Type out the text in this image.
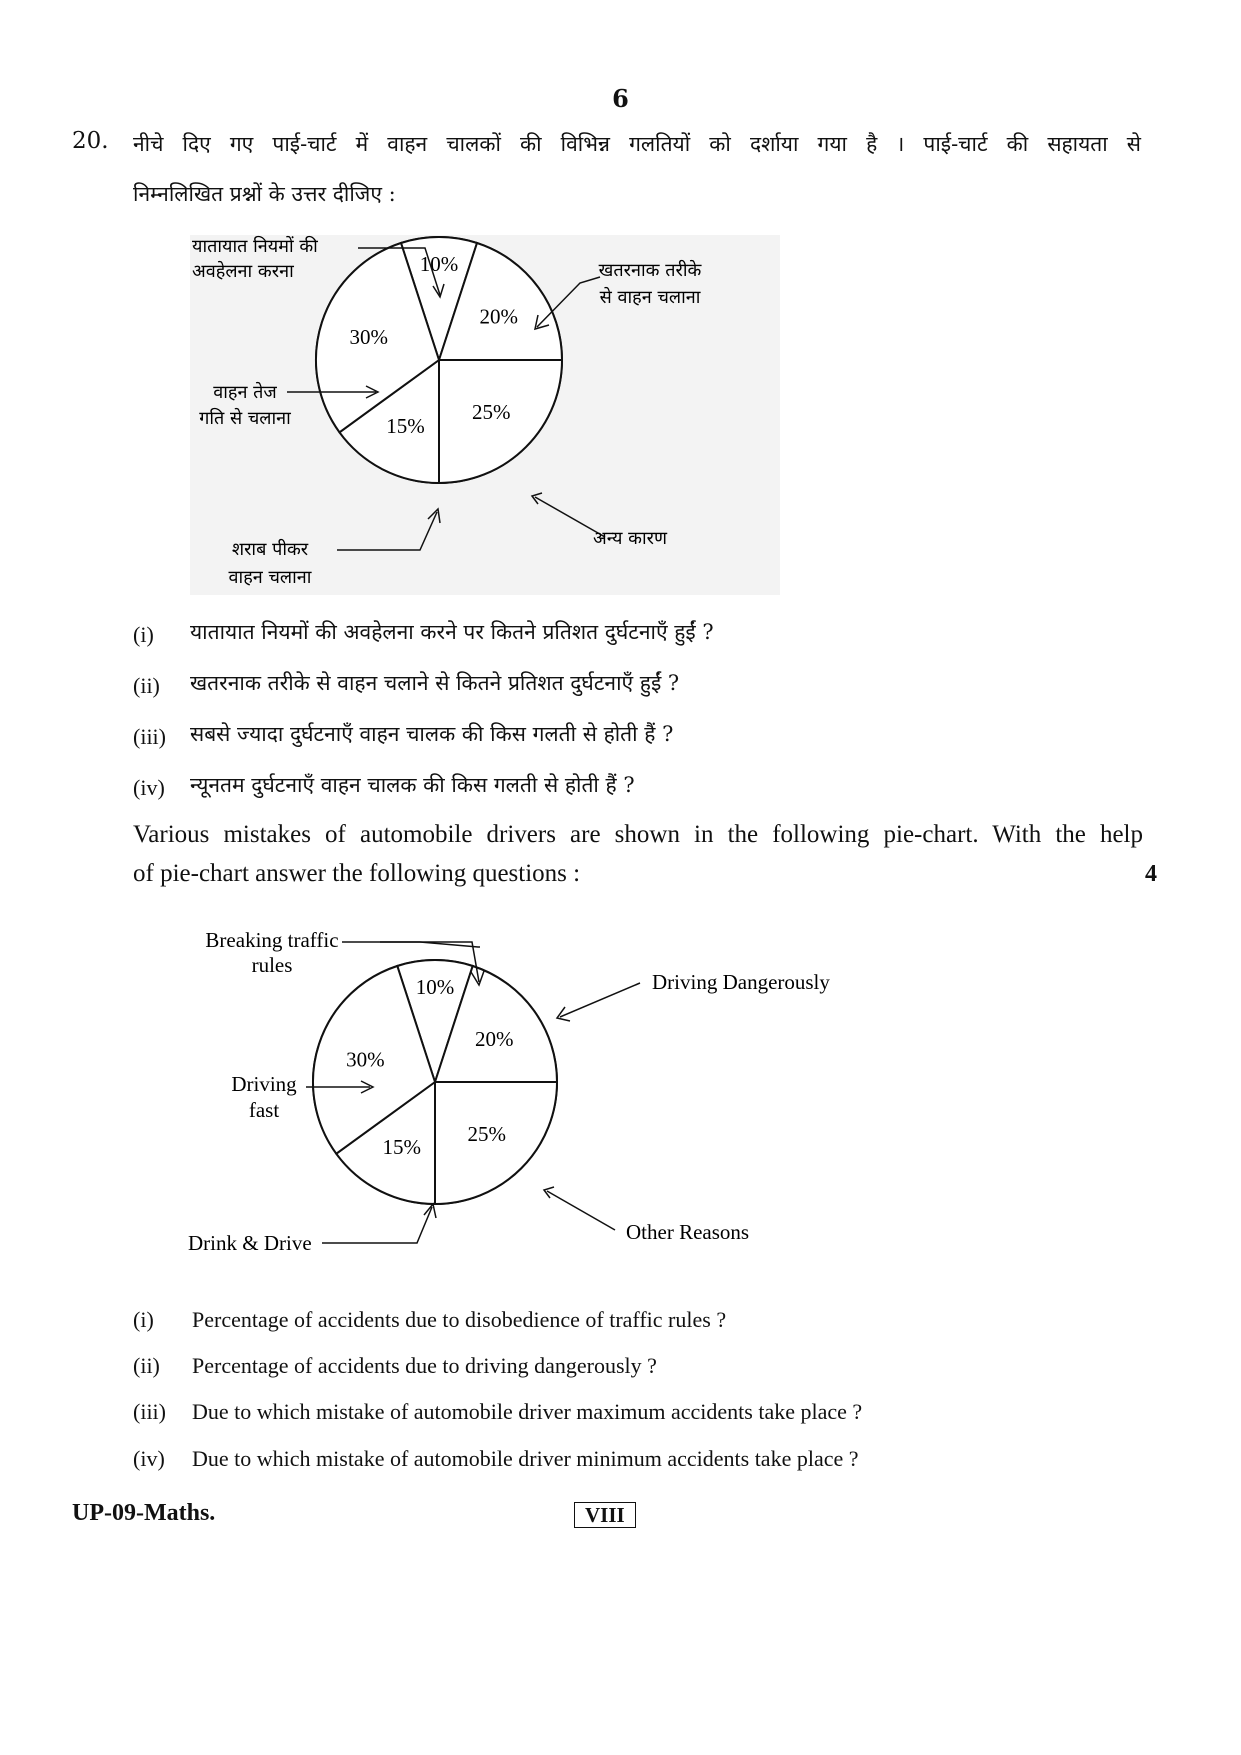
6
20. नीचे दिए गए पाई-चार्ट में वाहन चालकों की विभिन्न गलतियों को दर्शाया गया है । पाई-चार्ट की सहायता से
निम्नलिखित प्रश्नों के उत्तर दीजिए :
10%
20%
25%
15%
30%
यातायात नियमों की
अवहेलना करना	खतरनाक तरीके
से वाहन चलाना
वाहन तेज
गति से चलाना
शराब पीकर
वाहन चलाना
अन्य कारण
(i) यातायात नियमों की अवहेलना करने पर कितने प्रतिशत दुर्घटनाएँ हुईं ?
(ii) खतरनाक तरीके से वाहन चलाने से कितने प्रतिशत दुर्घटनाएँ हुईं ?
(iii) सबसे ज्यादा दुर्घटनाएँ वाहन चालक की किस गलती से होती हैं ?
(iv) न्यूनतम दुर्घटनाएँ वाहन चालक की किस गलती से होती हैं ?
Various mistakes of automobile drivers are shown in the following pie-chart. With the help
of pie-chart answer the following questions :	4
10%
20%
25%
15%
30%
Breaking traffic
rules
Driving Dangerously
Driving
fast
Drink & Drive	Other Reasons
(i) Percentage of accidents due to disobedience of traffic rules ?
(ii) Percentage of accidents due to driving dangerously ?
(iii) Due to which mistake of automobile driver maximum accidents take place ?
(iv) Due to which mistake of automobile driver minimum accidents take place ?
UP-09-Maths.	VIII
